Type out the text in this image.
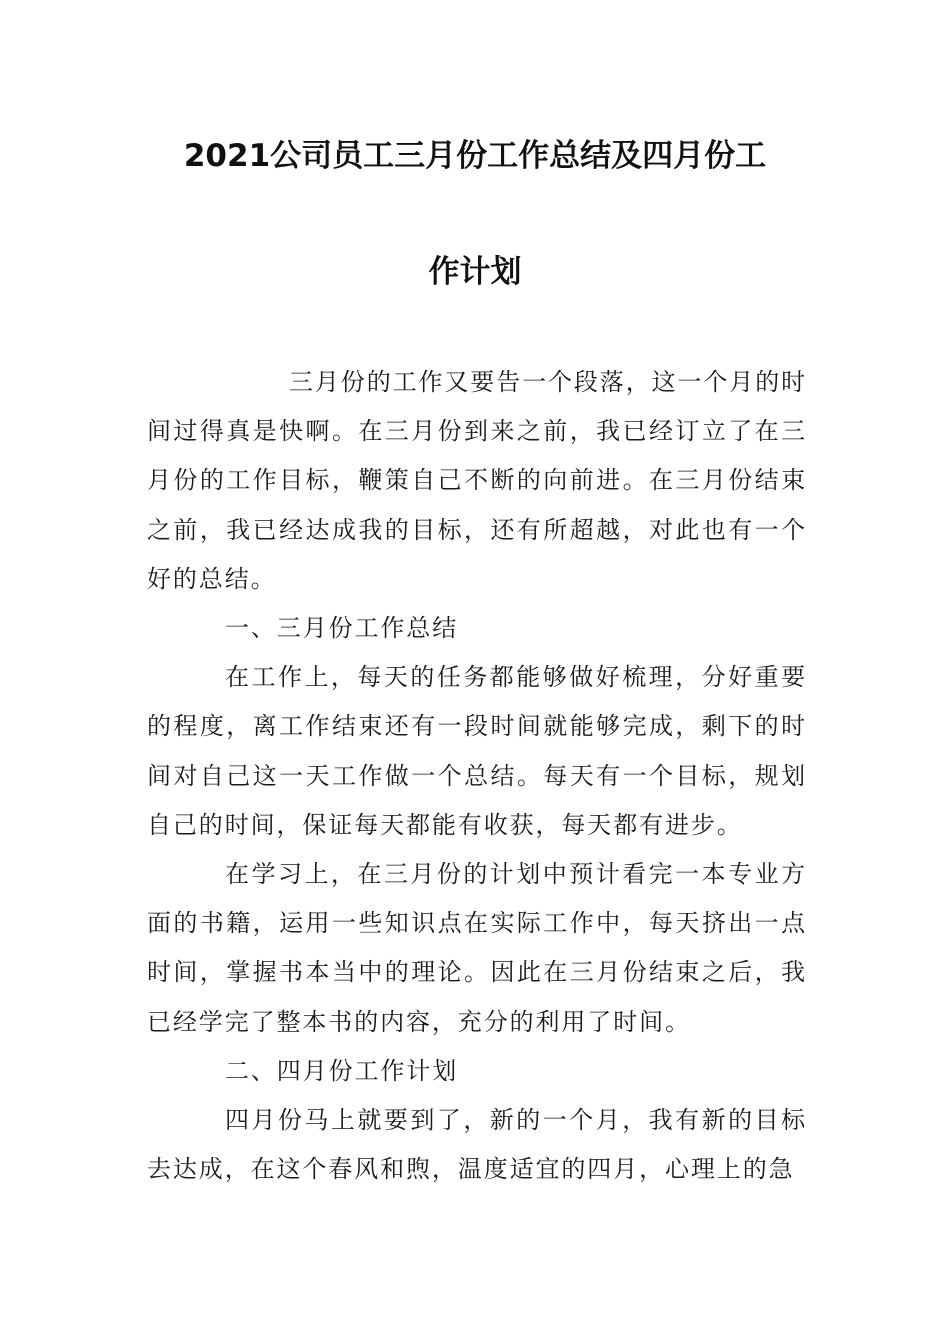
2021公司员工三月份工作总结及四月份工
作计划

三月份的工作又要告一个段落，这一个月的时间过得真是快啊。在三月份到来之前，我已经订立了在三月份的工作目标，鞭策自己不断的向前进。在三月份结束之前，我已经达成我的目标，还有所超越，对此也有一个好的总结。

一、三月份工作总结

在工作上，每天的任务都能够做好梳理，分好重要的程度，离工作结束还有一段时间就能够完成，剩下的时间对自己这一天工作做一个总结。每天有一个目标，规划自己的时间，保证每天都能有收获，每天都有进步。

在学习上，在三月份的计划中预计看完一本专业方面的书籍，运用一些知识点在实际工作中，每天挤出一点时间，掌握书本当中的理论。因此在三月份结束之后，我已经学完了整本书的内容，充分的利用了时间。

二、四月份工作计划

四月份马上就要到了，新的一个月，我有新的目标去达成，在这个春风和煦，温度适宜的四月，心理上的急
